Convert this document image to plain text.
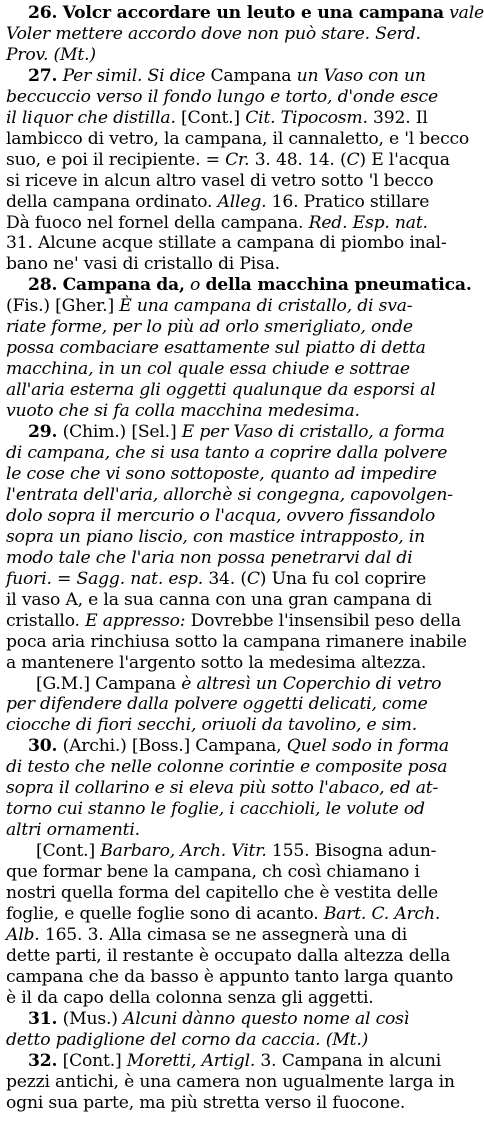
26. Volcr accordare un leuto e una campana vale
Voler mettere accordo dove non può stare. Serd.
Prov. (Mt.)
27. Per simil. Si dice Campana un Vaso con un
beccuccio verso il fondo lungo e torto, d'onde esce
il liquor che distilla. [Cont.] Cit. Tipocosm. 392. Il
lambicco di vetro, la campana, il cannaletto, e 'l becco
suo, e poi il recipiente. = Cr. 3. 48. 14. (C) E l'acqua
si riceve in alcun altro vasel di vetro sotto 'l becco
della campana ordinato. Alleg. 16. Pratico stillare
Dà fuoco nel fornel della campana. Red. Esp. nat.
31. Alcune acque stillate a campana di piombo inal-
bano ne' vasi di cristallo di Pisa.
28. Campana da, o della macchina pneumatica.
(Fis.) [Gher.] È una campana di cristallo, di sva-
riate forme, per lo più ad orlo smerigliato, onde
possa combaciare esattamente sul piatto di detta
macchina, in un col quale essa chiude e sottrae
all'aria esterna gli oggetti qualunque da esporsi al
vuoto che si fa colla macchina medesima.
29. (Chim.) [Sel.] E per Vaso di cristallo, a forma
di campana, che si usa tanto a coprire dalla polvere
le cose che vi sono sottoposte, quanto ad impedire
l'entrata dell'aria, allorchè si congegna, capovolgen-
dolo sopra il mercurio o l'acqua, ovvero fissandolo
sopra un piano liscio, con mastice intrapposto, in
modo tale che l'aria non possa penetrarvi dal di
fuori. = Sagg. nat. esp. 34. (C) Una fu col coprire
il vaso A, e la sua canna con una gran campana di
cristallo. E appresso: Dovrebbe l'insensibil peso della
poca aria rinchiusa sotto la campana rimanere inabile
a mantenere l'argento sotto la medesima altezza.
[G.M.] Campana è altresì un Coperchio di vetro
per difendere dalla polvere oggetti delicati, come
ciocche di fiori secchi, oriuoli da tavolino, e sim.
30. (Archi.) [Boss.] Campana, Quel sodo in forma
di testo che nelle colonne corintie e composite posa
sopra il collarino e si eleva più sotto l'abaco, ed at-
torno cui stanno le foglie, i cacchioli, le volute od
altri ornamenti.
[Cont.] Barbaro, Arch. Vitr. 155. Bisogna adun-
que formar bene la campana, ch così chiamano i
nostri quella forma del capitello che è vestita delle
foglie, e quelle foglie sono di acanto. Bart. C. Arch.
Alb. 165. 3. Alla cimasa se ne assegnerà una di
dette parti, il restante è occupato dalla altezza della
campana che da basso è appunto tanto larga quanto
è il da capo della colonna senza gli aggetti.
31. (Mus.) Alcuni dànno questo nome al così
detto padiglione del corno da caccia. (Mt.)
32. [Cont.] Moretti, Artigl. 3. Campana in alcuni
pezzi antichi, è una camera non ugualmente larga in
ogni sua parte, ma più stretta verso il fuocone.
